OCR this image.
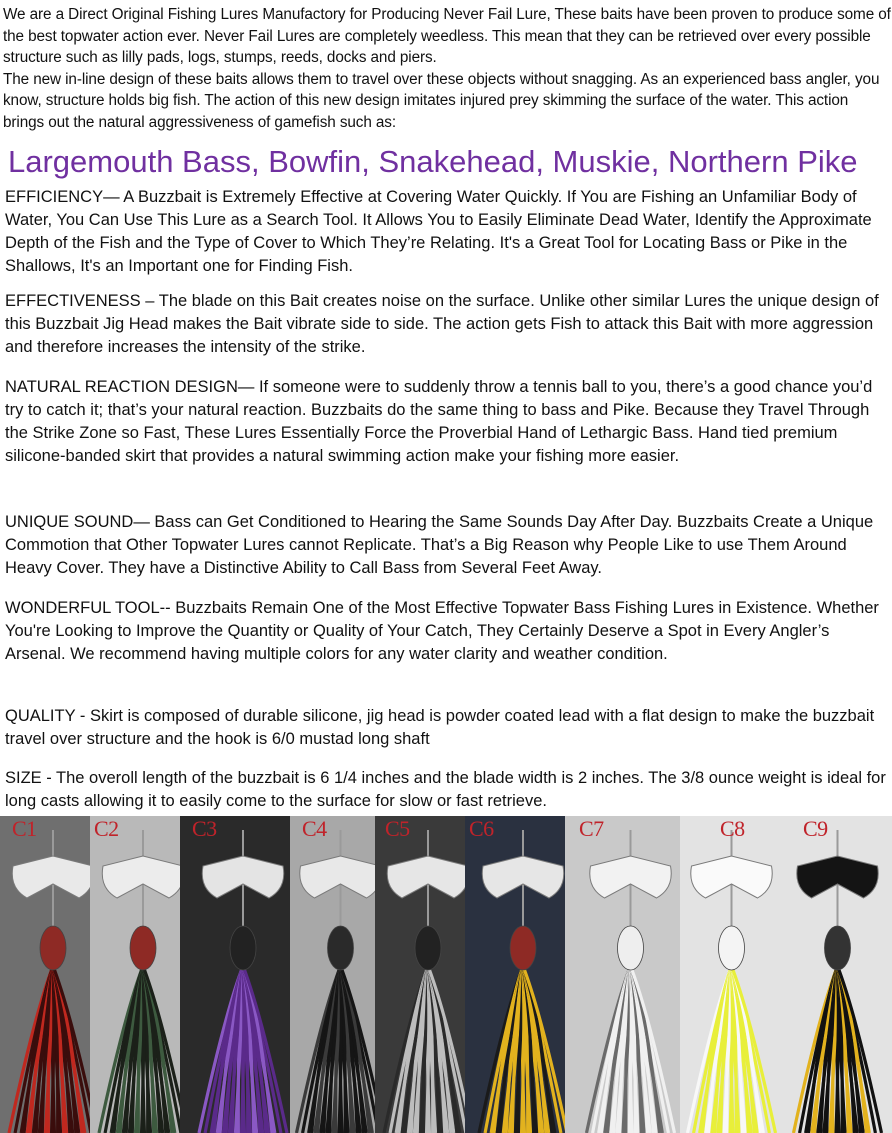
We are a Direct Original Fishing Lures Manufactory for Producing Never Fail Lure, These baits have been proven to produce some of the best topwater action ever. Never Fail Lures are completely weedless. This mean that they can be retrieved over every possible structure such as lilly pads, logs, stumps, reeds, docks and piers.

The new in-line design of these baits allows them to travel over these objects without snagging. As an experienced bass angler, you know, structure holds big fish. The action of this new design imitates injured prey skimming the surface of the water. This action brings out the natural aggressiveness of gamefish such as:

Largemouth Bass, Bowfin, Snakehead, Muskie, Northern Pike

EFFICIENCY— A Buzzbait is Extremely Effective at Covering Water Quickly. If You are Fishing an Unfamiliar Body of Water, You Can Use This Lure as a Search Tool. It Allows You to Easily Eliminate Dead Water, Identify the Approximate Depth of the Fish and the Type of Cover to Which They’re Relating. It's a Great Tool for Locating Bass or Pike in the Shallows, It's an Important one for Finding Fish.

EFFECTIVENESS – The blade on this Bait creates noise on the surface. Unlike other similar Lures the unique design of this Buzzbait Jig Head makes the Bait vibrate side to side. The action gets Fish to attack this Bait with more aggression and therefore increases the intensity of the strike.

NATURAL REACTION DESIGN— If someone were to suddenly throw a tennis ball to you, there’s a good chance you’d try to catch it; that’s your natural reaction. Buzzbaits do the same thing to bass and Pike. Because they Travel Through the Strike Zone so Fast, These Lures Essentially Force the Proverbial Hand of Lethargic Bass. Hand tied premium silicone-banded skirt that provides a natural swimming action make your fishing more easier.

UNIQUE SOUND— Bass can Get Conditioned to Hearing the Same Sounds Day After Day. Buzzbaits Create a Unique Commotion that Other Topwater Lures cannot Replicate. That’s a Big Reason why People Like to use Them Around Heavy Cover. They have a Distinctive Ability to Call Bass from Several Feet Away.

WONDERFUL TOOL-- Buzzbaits Remain One of the Most Effective Topwater Bass Fishing Lures in Existence. Whether You're Looking to Improve the Quantity or Quality of Your Catch, They Certainly Deserve a Spot in Every Angler’s Arsenal. We recommend having multiple colors for any water clarity and weather condition.

QUALITY - Skirt is composed of durable silicone, jig head is powder coated lead with a flat design to make the buzzbait travel over structure and the hook is 6/0 mustad long shaft

SIZE - The overoll length of the buzzbait is 6 1/4 inches and the blade width is 2 inches. The 3/8 ounce weight is ideal for long casts allowing it to easily come to the surface for slow or fast retrieve.

C1	C2	C3	C4	C5	C6	C7	C8	C9
